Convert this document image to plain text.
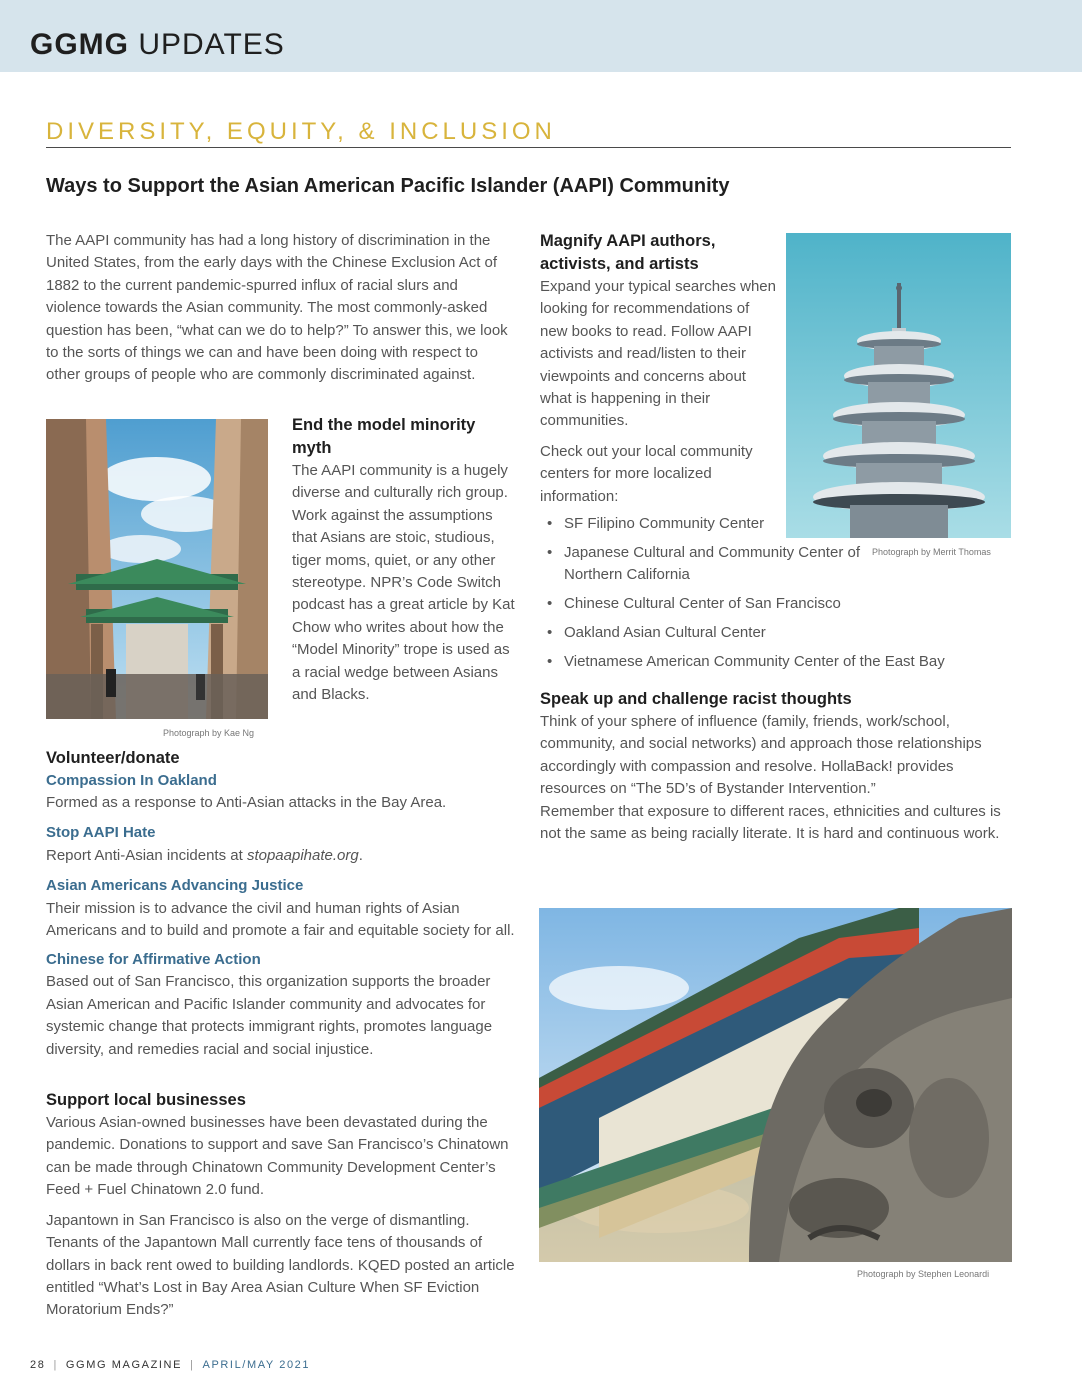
GGMG UPDATES
DIVERSITY, EQUITY, & INCLUSION
Ways to Support the Asian American Pacific Islander (AAPI) Community

The AAPI community has had a long history of discrimination in the United States, from the early days with the Chinese Exclusion Act of 1882 to the current pandemic-spurred influx of racial slurs and violence towards the Asian community. The most commonly-asked question has been, “what can we do to help?” To answer this, we look to the sorts of things we can and have been doing with respect to other groups of people who are commonly discriminated against.

Photograph by Kae Ng

End the model minority myth

The AAPI community is a hugely diverse and culturally rich group. Work against the assumptions that Asians are stoic, studious, tiger moms, quiet, or any other stereotype. NPR’s Code Switch podcast has a great article by Kat Chow who writes about how the “Model Minority” trope is used as a racial wedge between Asians and Blacks.

Volunteer/donate

Compassion In Oakland

Formed as a response to Anti-Asian attacks in the Bay Area.

Stop AAPI Hate

Report Anti-Asian incidents at stopaapihate.org.

Asian Americans Advancing Justice

Their mission is to advance the civil and human rights of Asian Americans and to build and promote a fair and equitable society for all.

Chinese for Affirmative Action

Based out of San Francisco, this organization supports the broader Asian American and Pacific Islander community and advocates for systemic change that protects immigrant rights, promotes language diversity, and remedies racial and social injustice.

Support local businesses

Various Asian-owned businesses have been devastated during the pandemic. Donations to support and save San Francisco’s Chinatown can be made through Chinatown Community Development Center’s Feed + Fuel Chinatown 2.0 fund.

Japantown in San Francisco is also on the verge of dismantling. Tenants of the Japantown Mall currently face tens of thousands of dollars in back rent owed to building landlords. KQED posted an article entitled “What’s Lost in Bay Area Asian Culture When SF Eviction Moratorium Ends?”

Magnify AAPI authors, activists, and artists

Expand your typical searches when looking for recommendations of new books to read. Follow AAPI activists and read/listen to their viewpoints and concerns about what is happening in their communities.

Check out your local community centers for more localized information:

• SF Filipino Community Center
• Japanese Cultural and Community Center of Northern California
• Chinese Cultural Center of San Francisco
• Oakland Asian Cultural Center
• Vietnamese American Community Center of the East Bay
Photograph by Merrit Thomas

Speak up and challenge racist thoughts

Think of your sphere of influence (family, friends, work/school, community, and social networks) and approach those relationships accordingly with compassion and resolve. HollaBack! provides resources on “The 5D’s of Bystander Intervention.”

Remember that exposure to different races, ethnicities and cultures is not the same as being racially literate. It is hard and continuous work.

Photograph by Stephen Leonardi
28 | GGMG MAGAZINE | APRIL/MAY 2021
